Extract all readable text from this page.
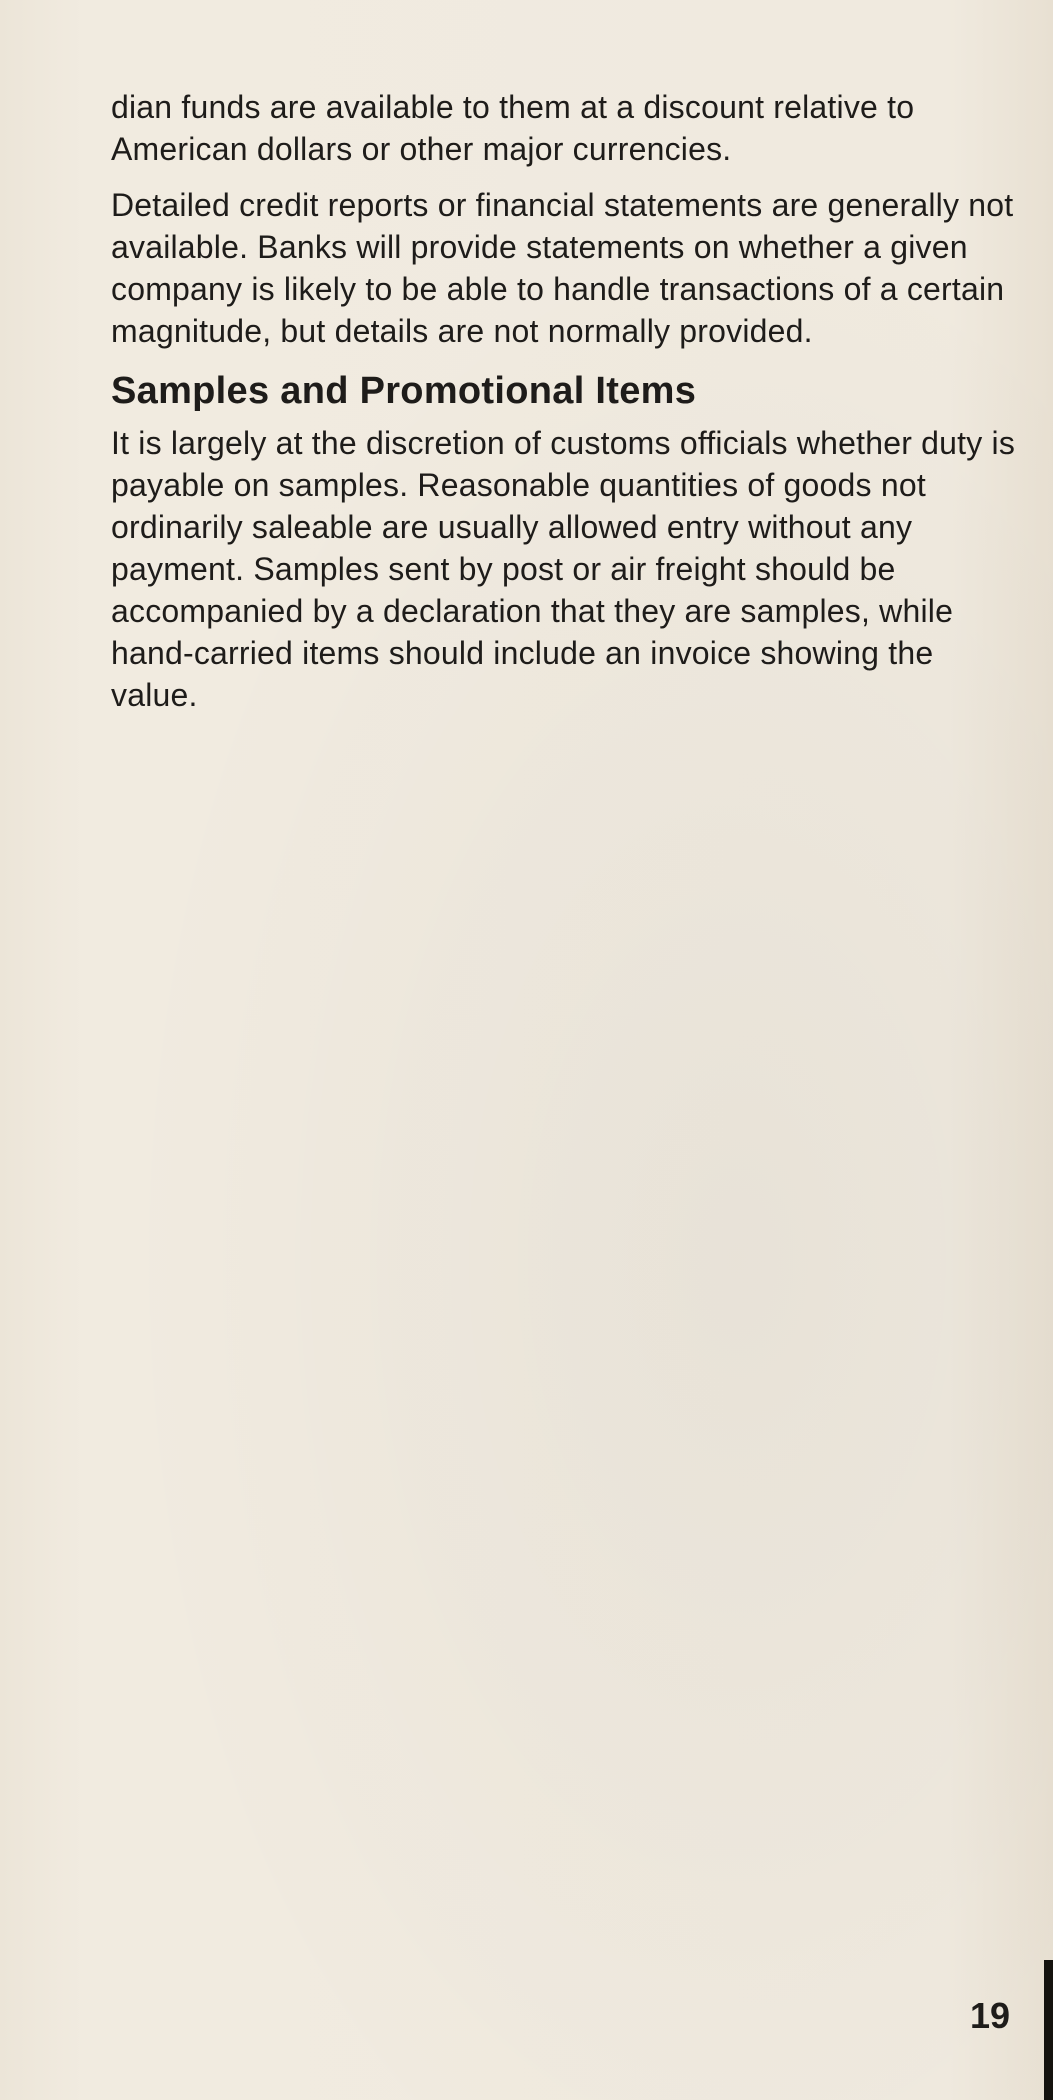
dian funds are available to them at a discount relative to American dollars or other major currencies.

Detailed credit reports or financial statements are generally not available. Banks will provide statements on whether a given company is likely to be able to handle transactions of a certain magnitude, but details are not normally provided.

Samples and Promotional Items

It is largely at the discretion of customs officials whether duty is payable on samples. Reasonable quantities of goods not ordinarily saleable are usually allowed entry without any payment. Samples sent by post or air freight should be accompanied by a declaration that they are samples, while hand-carried items should include an invoice showing the value.

19
